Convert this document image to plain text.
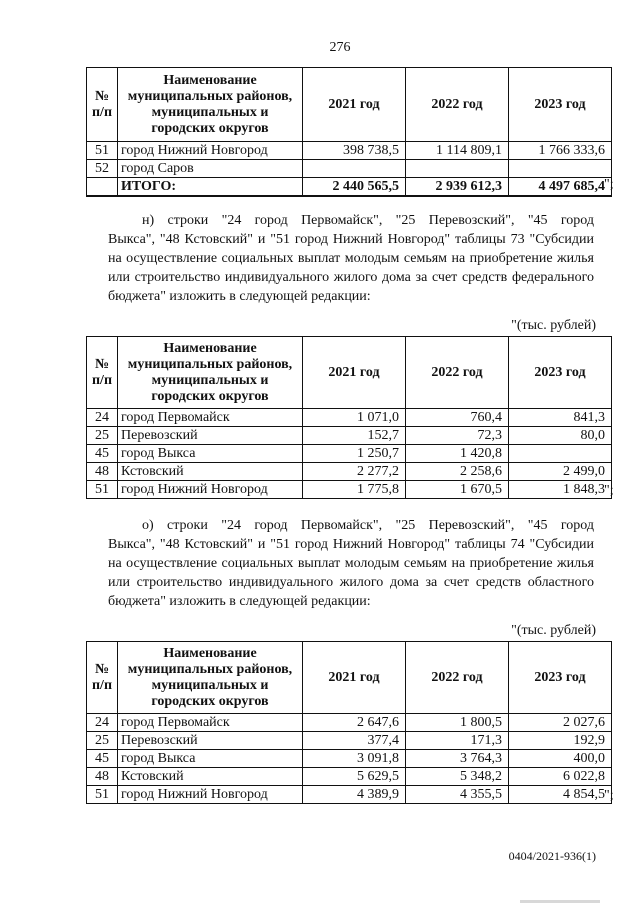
276
№ п/п	Наименование муниципальных районов, муниципальных и городских округов	2021 год	2022 год	2023 год
51	город Нижний Новгород	398 738,5	1 114 809,1	1 766 333,6
52	город Саров			
	ИТОГО:	2 440 565,5	2 939 612,3	4 497 685,4 ";
н) строки "24 город Первомайск", "25 Перевозский", "45 город
Выкса", "48 Кстовский" и "51 город Нижний Новгород" таблицы 73 "Субсидии на осуществление социальных выплат молодым семьям на приобретение жилья или строительство индивидуального жилого дома за счет средств федерального бюджета" изложить в следующей редакции:
"(тыс. рублей)
№ п/п	Наименование муниципальных районов, муниципальных и городских округов	2021 год	2022 год	2023 год
24	город Первомайск	1 071,0	760,4	841,3
25	Перевозский	152,7	72,3	80,0
45	город Выкса	1 250,7	1 420,8	
48	Кстовский	2 277,2	2 258,6	2 499,0
51	город Нижний Новгород	1 775,8	1 670,5	1 848,3 ";
о) строки "24 город Первомайск", "25 Перевозский", "45 город
Выкса", "48 Кстовский" и "51 город Нижний Новгород" таблицы 74 "Субсидии на осуществление социальных выплат молодым семьям на приобретение жилья или строительство индивидуального жилого дома за счет средств областного бюджета" изложить в следующей редакции:
"(тыс. рублей)
№ п/п	Наименование муниципальных районов, муниципальных и городских округов	2021 год	2022 год	2023 год
24	город Первомайск	2 647,6	1 800,5	2 027,6
25	Перевозский	377,4	171,3	192,9
45	город Выкса	3 091,8	3 764,3	400,0
48	Кстовский	5 629,5	5 348,2	6 022,8
51	город Нижний Новгород	4 389,9	4 355,5	4 854,5 ";
0404/2021-936(1)
